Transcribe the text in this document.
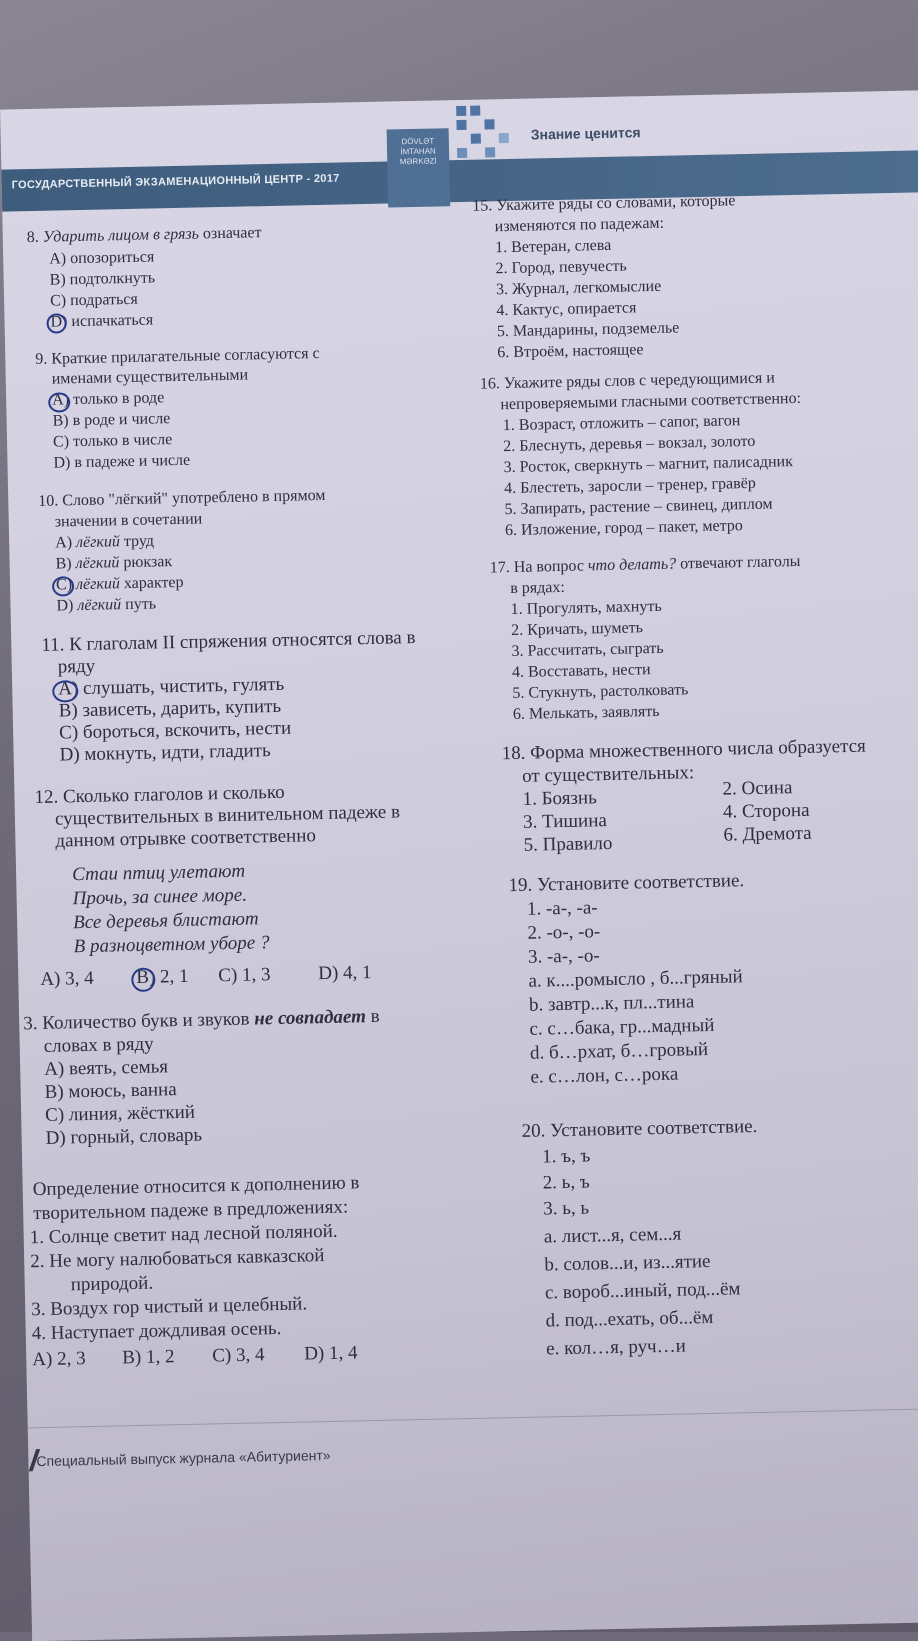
ГОСУДАРСТВЕННЫЙ ЭКЗАМЕНАЦИОННЫЙ ЦЕНТР - 2017
DÖVLƏT
İMTAHAN
MƏRKƏZİ
Знание ценится
8. Ударить лицом в грязь означает
A) опозориться
B) подтолкнуть
C) подраться
D) испачкаться
9. Краткие прилагательные согласуются с
именами существительными
A) только в роде
B) в роде и числе
C) только в числе
D) в падеже и числе
10. Слово "лёгкий" употреблено в прямом
значении в сочетании
A) лёгкий труд
B) лёгкий рюкзак
C) лёгкий характер
D) лёгкий путь
11. К глаголам II спряжения относятся слова в
ряду
A) слушать, чистить, гулять
B) зависеть, дарить, купить
C) бороться, вскочить, нести
D) мокнуть, идти, гладить
12. Сколько глаголов и сколько
существительных в винительном падеже в
данном отрывке соответственно
Стаи птиц улетают
Прочь, за синее море.
Все деревья блистают
В разноцветном уборе ?
A) 3, 4 B) 2, 1 C) 1, 3 D) 4, 1
3. Количество букв и звуков не совпадает в
словах в ряду
A) веять, семья
B) моюсь, ванна
C) линия, жёсткий
D) горный, словарь
Определение относится к дополнению в
творительном падеже в предложениях:
1. Солнце светит над лесной поляной.
2. Не могу налюбоваться кавказской
природой.
3. Воздух гор чистый и целебный.
4. Наступает дождливая осень.
A) 2, 3 B) 1, 2 C) 3, 4 D) 1, 4
15. Укажите ряды со словами, которые
изменяются по падежам:
1. Ветеран, слева
2. Город, певучесть
3. Журнал, легкомыслие
4. Кактус, опирается
5. Мандарины, подземелье
6. Втроём, настоящее
16. Укажите ряды слов с чередующимися и
непроверяемыми гласными соответственно:
1. Возраст, отложить – сапог, вагон
2. Блеснуть, деревья – вокзал, золото
3. Росток, сверкнуть – магнит, палисадник
4. Блестеть, заросли – тренер, гравёр
5. Запирать, растение – свинец, диплом
6. Изложение, город – пакет, метро
17. На вопрос что делать? отвечают глаголы
в рядах:
1. Прогулять, махнуть
2. Кричать, шуметь
3. Рассчитать, сыграть
4. Восставать, нести
5. Стукнуть, растолковать
6. Мелькать, заявлять
18. Форма множественного числа образуется
от существительных:
1. Боязнь
3. Тишина
5. Правило
2. Осина
4. Сторона
6. Дремота
19. Установите соответствие.
1. -а-, -а-
2. -о-, -о-
3. -а-, -о-
a. к....ромысло , б...гряный
b. завтр...к, пл...тина
c. с…бака, гр...мадный
d. б…рхат, б…гровый
e. с…лон, с…рока
20. Установите соответствие.
1. ъ, ъ
2. ь, ъ
3. ь, ь
a. лист...я, сем...я
b. солов...и, из...ятие
c. вороб...иный, под...ём
d. под...ехать, об...ём
e. кол…я, руч…и
Специальный выпуск журнала «Абитуриент»
